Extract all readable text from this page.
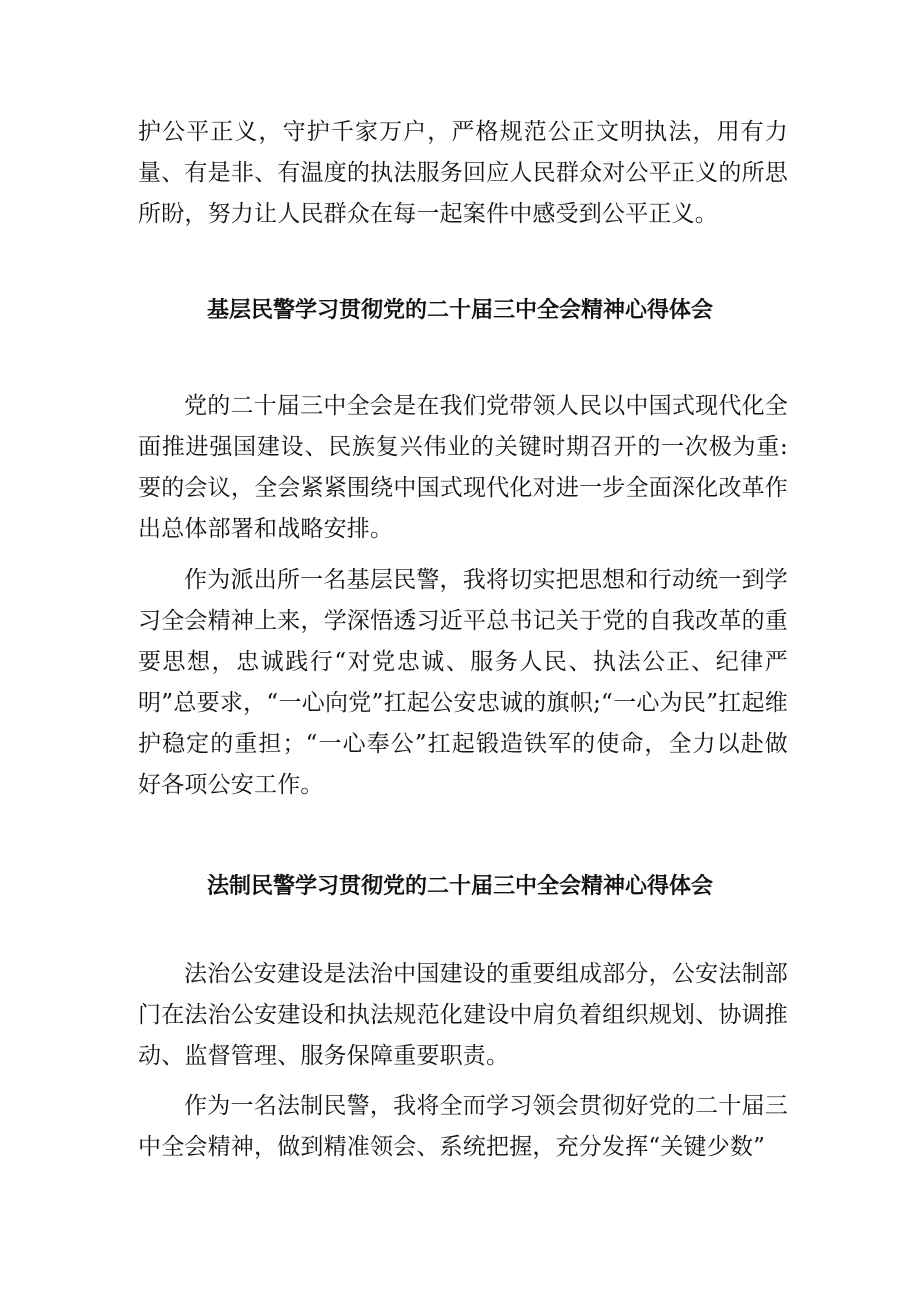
护公平正义，守护千家万户，严格规范公正文明执法，用有力量、有是非、有温度的执法服务回应人民群众对公平正义的所思所盼，努力让人民群众在每一起案件中感受到公平正义。

基层民警学习贯彻党的二十届三中全会精神心得体会

党的二十届三中全会是在我们党带领人民以中国式现代化全面推进强国建设、民族复兴伟业的关键时期召开的一次极为重:要的会议，全会紧紧围绕中国式现代化对进一步全面深化改革作出总体部署和战略安排。

作为派出所一名基层民警，我将切实把思想和行动统一到学习全会精神上来，学深悟透习近平总书记关于党的自我改革的重要思想，忠诚践行“对党忠诚、服务人民、执法公正、纪律严明”总要求，“一心向党”扛起公安忠诚的旗帜;“一心为民”扛起维护稳定的重担；“一心奉公”扛起锻造铁军的使命，全力以赴做好各项公安工作。

法制民警学习贯彻党的二十届三中全会精神心得体会

法治公安建设是法治中国建设的重要组成部分，公安法制部门在法治公安建设和执法规范化建设中肩负着组织规划、协调推动、监督管理、服务保障重要职责。

作为一名法制民警，我将全而学习领会贯彻好党的二十届三中全会精神，做到精准领会、系统把握，充分发挥“关键少数”
